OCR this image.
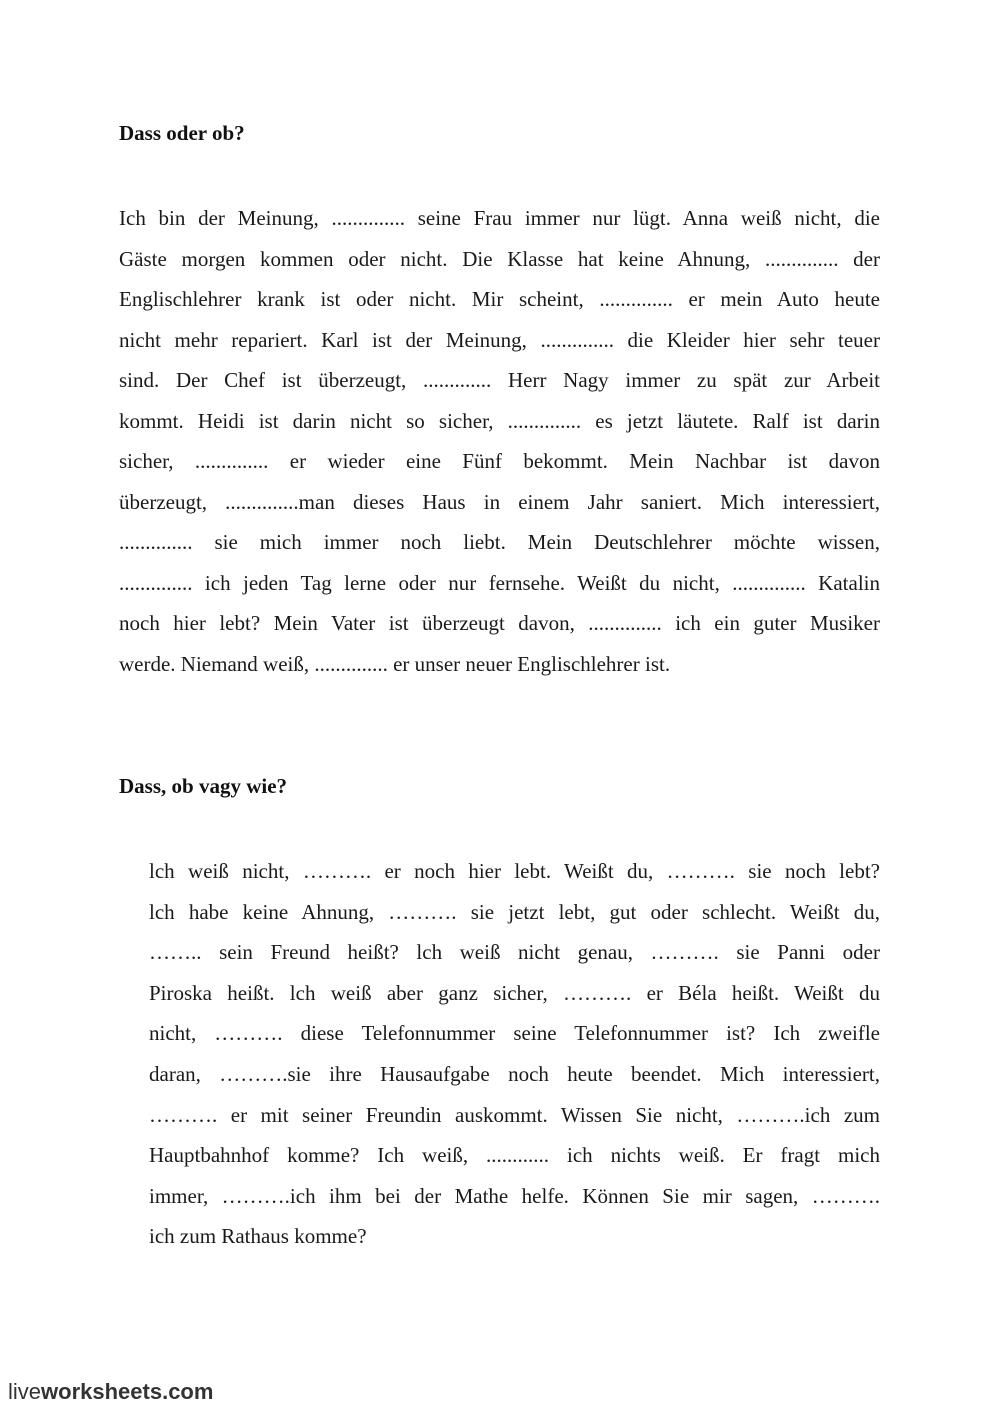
Dass oder ob?
Ich bin der Meinung, .............. seine Frau immer nur lügt. Anna weiß nicht, die
Gäste morgen kommen oder nicht. Die Klasse hat keine Ahnung, .............. der
Englischlehrer krank ist oder nicht. Mir scheint, .............. er mein Auto heute
nicht mehr repariert. Karl ist der Meinung, .............. die Kleider hier sehr teuer
sind. Der Chef ist überzeugt, ............. Herr Nagy immer zu spät zur Arbeit
kommt. Heidi ist darin nicht so sicher, .............. es jetzt läutete. Ralf ist darin
sicher, .............. er wieder eine Fünf bekommt. Mein Nachbar ist davon
überzeugt, ..............man dieses Haus in einem Jahr saniert. Mich interessiert,
.............. sie mich immer noch liebt. Mein Deutschlehrer möchte wissen,
.............. ich jeden Tag lerne oder nur fernsehe. Weißt du nicht, .............. Katalin
noch hier lebt? Mein Vater ist überzeugt davon, .............. ich ein guter Musiker
werde. Niemand weiß, .............. er unser neuer Englischlehrer ist.
Dass, ob vagy wie?
lch weiß nicht, ………. er noch hier lebt. Weißt du, ………. sie noch lebt?
lch habe keine Ahnung, ………. sie jetzt lebt, gut oder schlecht. Weißt du,
…….. sein Freund heißt? lch weiß nicht genau, ………. sie Panni oder
Piroska heißt. lch weiß aber ganz sicher, ………. er Béla heißt. Weißt du
nicht, ………. diese Telefonnummer seine Telefonnummer ist? Ich zweifle
daran, ……….sie ihre Hausaufgabe noch heute beendet. Mich interessiert,
………. er mit seiner Freundin auskommt. Wissen Sie nicht, ……….ich zum
Hauptbahnhof komme? Ich weiß, ............ ich nichts weiß. Er fragt mich
immer, ……….ich ihm bei der Mathe helfe. Können Sie mir sagen, ……….
ich zum Rathaus komme?
liveworksheets.com
